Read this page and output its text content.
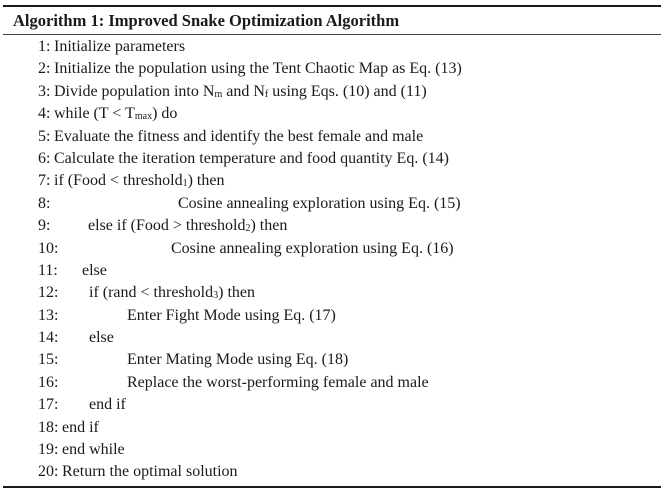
Algorithm 1: Improved Snake Optimization Algorithm
1: Initialize parameters
2: Initialize the population using the Tent Chaotic Map as Eq. (13)
3: Divide population into Nm and Nf using Eqs. (10) and (11)
4: while (T < Tmax) do
5: Evaluate the fitness and identify the best female and male
6: Calculate the iteration temperature and food quantity Eq. (14)
7: if (Food < threshold1) then
8:	Cosine annealing exploration using Eq. (15)
9: else if (Food > threshold2) then
10:	Cosine annealing exploration using Eq. (16)
11: else
12: if (rand < threshold3) then
13:	Enter Fight Mode using Eq. (17)
14: else
15:	Enter Mating Mode using Eq. (18)
16:	Replace the worst-performing female and male
17: end if
18: end if
19: end while
20: Return the optimal solution
